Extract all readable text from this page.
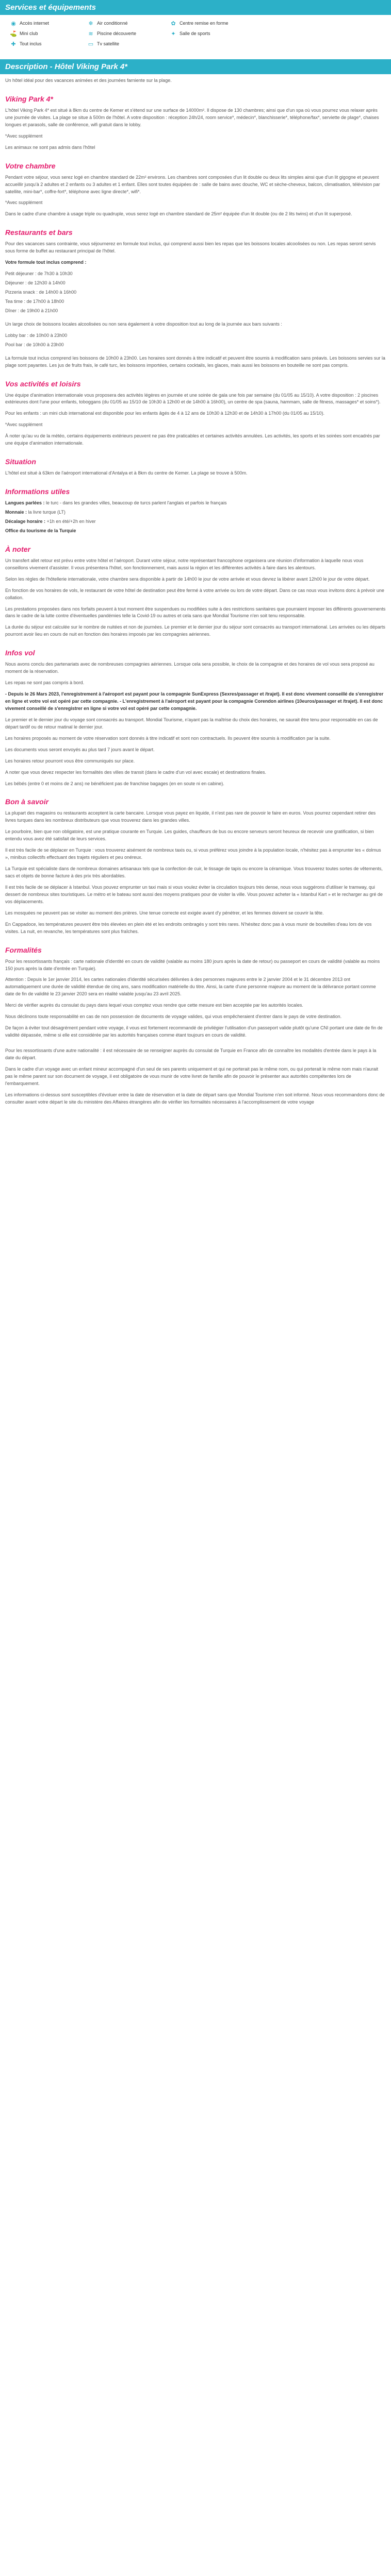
Services et équipements
◉ Accès internet	❄ Air conditionné	✿ Centre remise en forme
⛳ Mini club	≋ Piscine découverte	✦ Salle de sports
✚ Tout inclus	▭ Tv satellite
Description - Hôtel Viking Park 4*

Un hôtel idéal pour des vacances animées et des journées farniente sur la plage.

Viking Park 4*

L'hôtel Viking Park 4* est situé à 8km du centre de Kemer et s'étend sur une surface de 14000m². Il dispose de 130 chambres; ainsi que d'un spa où vous pourrez vous relaxer après une journée de visites. La plage se situe à 500m de l'hôtel. A votre disposition : réception 24h/24, room service*, médecin*, blanchisserie*, téléphone/fax*, serviette de plage*, chaises longues et parasols, salle de conférence, wifi gratuit dans le lobby.

*Avec supplément

Les animaux ne sont pas admis dans l'hôtel

Votre chambre

Pendant votre séjour, vous serez logé en chambre standard de 22m² environs. Les chambres sont composées d'un lit double ou deux lits simples ainsi que d'un lit gigogne et peuvent accueillir jusqu'à 2 adultes et 2 enfants ou 3 adultes et 1 enfant. Elles sont toutes équipées de : salle de bains avec douche, WC et sèche-cheveux, balcon, climatisation, télévision par satellite, mini-bar*, coffre-fort*, téléphone avec ligne directe*, wifi*.

*Avec supplément

Dans le cadre d'une chambre à usage triple ou quadruple, vous serez logé en chambre standard de 25m² équipée d'un lit double (ou de 2 lits twins) et d'un lit superposé.

Restaurants et bars

Pour des vacances sans contrainte, vous séjournerez en formule tout inclus, qui comprend aussi bien les repas que les boissons locales alcoolisées ou non. Les repas seront servis sous forme de buffet au restaurant principal de l'hôtel.

Votre formule tout inclus comprend :

Petit déjeuner : de 7h30 à 10h30

Déjeuner : de 12h30 à 14h00

Pizzeria snack : de 14h00 à 16h00

Tea time : de 17h00 à 18h00

Dîner : de 19h00 à 21h00

Un large choix de boissons locales alcoolisées ou non sera également à votre disposition tout au long de la journée aux bars suivants :

Lobby bar : de 10h00 à 23h00

Pool bar : de 10h00 à 23h00

La formule tout inclus comprend les boissons de 10h00 à 23h00. Les horaires sont donnés à titre indicatif et peuvent être soumis à modification sans préavis. Les boissons servies sur la plage sont payantes. Les jus de fruits frais, le café turc, les boissons importées, certains cocktails, les glaces, mais aussi les boissons en bouteille ne sont pas compris.

Vos activités et loisirs

Une équipe d'animation internationale vous proposera des activités légères en journée et une soirée de gala une fois par semaine (du 01/05 au 15/10). A votre disposition : 2 piscines extérieures dont l'une pour enfants, toboggans (du 01/05 au 15/10 de 10h30 à 12h00 et de 14h00 à 16h00), un centre de spa (sauna, hammam, salle de fitness, massages* et soins*).

Pour les enfants : un mini club international est disponible pour les enfants âgés de 4 à 12 ans de 10h30 à 12h30 et de 14h30 à 17h00 (du 01/05 au 15/10).

*Avec supplément

À noter qu'au vu de la météo, certains équipements extérieurs peuvent ne pas être praticables et certaines activités annulées. Les activités, les sports et les soirées sont encadrés par une équipe d'animation internationale.

Situation

L'hôtel est situé à 63km de l'aéroport international d'Antalya et à 8km du centre de Kemer. La plage se trouve à 500m.

Informations utiles

Langues parlées : le turc - dans les grandes villes, beaucoup de turcs parlent l'anglais et parfois le français

Monnaie : la livre turque (LT)

Décalage horaire : +1h en été/+2h en hiver

Office du tourisme de la Turquie

À noter

Un transfert allet retour est prévu entre votre hôtel et l'aéroport. Durant votre séjour, notre représentant francophone organisera une réunion d'information à laquelle nous vous conseillons vivement d'assister. Il vous présentera l'hôtel, son fonctionnement, mais aussi la région et les différentes activités à faire dans les alentours.

Selon les règles de l'hôtellerie internationale, votre chambre sera disponible à partir de 14h00 le jour de votre arrivée et vous devrez la libérer avant 12h00 le jour de votre départ.

En fonction de vos horaires de vols, le restaurant de votre hôtel de destination peut être fermé à votre arrivée ou lors de votre départ. Dans ce cas nous vous invitons donc à prévoir une collation.

Les prestations proposées dans nos forfaits peuvent à tout moment être suspendues ou modifiées suite à des restrictions sanitaires que pourraient imposer les différents gouvernements dans le cadre de la lutte contre d'éventuelles pandémies telle la Covid-19 ou autres et cela sans que Mondial Tourisme n'en soit tenu responsable.

La durée du séjour est calculée sur le nombre de nuitées et non de journées. Le premier et le dernier jour du séjour sont consacrés au transport international. Les arrivées ou les départs pourront avoir lieu en cours de nuit en fonction des horaires imposés par les compagnies aériennes.

Infos vol

Nous avons conclu des partenariats avec de nombreuses compagnies aériennes. Lorsque cela sera possible, le choix de la compagnie et des horaires de vol vous sera proposé au moment de la réservation.

Les repas ne sont pas compris à bord.

- Depuis le 26 Mars 2023, l'enregistrement à l'aéroport est payant pour la compagnie SunExpress (Sexres/passager et /trajet). Il est donc vivement conseillé de s'enregistrer en ligne et votre vol est opéré par cette compagnie. - L'enregistrement à l'aéroport est payant pour la compagnie Corendon airlines (10euros/passager et /trajet). Il est donc vivement conseillé de s'enregistrer en ligne si votre vol est opéré par cette compagnie.

Le premier et le dernier jour du voyage sont consacrés au transport. Mondial Tourisme, n'ayant pas la maîtrise du choix des horaires, ne saurait être tenu pour responsable en cas de départ tardif ou de retour matinal le dernier jour.

Les horaires proposés au moment de votre réservation sont donnés à titre indicatif et sont non contractuels. Ils peuvent être soumis à modification par la suite.

Les documents vous seront envoyés au plus tard 7 jours avant le départ.

Les horaires retour pourront vous être communiqués sur place.

A noter que vous devez respecter les formalités des villes de transit (dans le cadre d'un vol avec escale) et destinations finales.

Les bébés (entre 0 et moins de 2 ans) ne bénéficient pas de franchise bagages (en en soute ni en cabine).

Bon à savoir

La plupart des magasins ou restaurants acceptent la carte bancaire. Lorsque vous payez en liquide, il n'est pas rare de pouvoir le faire en euros. Vous pourrez cependant retirer des livres turques dans les nombreux distributeurs que vous trouverez dans les grandes villes.

Le pourboire, bien que non obligatoire, est une pratique courante en Turquie. Les guides, chauffeurs de bus ou encore serveurs seront heureux de recevoir une gratification, si bien entendu vous avez été satisfait de leurs services.

Il est très facile de se déplacer en Turquie : vous trouverez aisément de nombreux taxis ou, si vous préférez vous joindre à la population locale, n'hésitez pas à emprunter les « dolmus », minibus collectifs effectuant des trajets réguliers et peu onéreux.

La Turquie est spécialiste dans de nombreux domaines artisanaux tels que la confection de cuir, le tissage de tapis ou encore la céramique. Vous trouverez toutes sortes de vêtements, sacs et objets de bonne facture à des prix très abordables.

Il est très facile de se déplacer à Istanbul. Vous pouvez emprunter un taxi mais si vous voulez éviter la circulation toujours très dense, nous vous suggérons d'utiliser le tramway, qui dessert de nombreux sites touristiques. Le métro et le bateau sont aussi des moyens pratiques pour de visiter la ville. Vous pouvez acheter la « Istanbul Kart » et le recharger au gré de vos déplacements.

Les mosquées ne peuvent pas se visiter au moment des prières. Une tenue correcte est exigée avant d'y pénétrer, et les femmes doivent se couvrir la tête.

En Cappadoce, les températures peuvent être très élevées en plein été et les endroits ombragés y sont très rares. N'hésitez donc pas à vous munir de bouteilles d'eau lors de vos visites. La nuit, en revanche, les températures sont plus fraîches.

Formalités

Pour les ressortissants français : carte nationale d'identité en cours de validité (valable au moins 180 jours après la date de retour) ou passeport en cours de validité (valable au moins 150 jours après la date d'entrée en Turquie).

Attention : Depuis le 1er janvier 2014, les cartes nationales d'identité sécurisées délivrées à des personnes majeures entre le 2 janvier 2004 et le 31 décembre 2013 ont automatiquement une durée de validité étendue de cinq ans, sans modification matérielle du titre. Ainsi, la carte d'une personne majeure au moment de la délivrance portant comme date de fin de validité le 23 janvier 2020 sera en réalité valable jusqu'au 23 avril 2025.

Merci de vérifier auprès du consulat du pays dans lequel vous comptez vous rendre que cette mesure est bien acceptée par les autorités locales.

Nous déclinons toute responsabilité en cas de non possession de documents de voyage valides, qui vous empêcheraient d'entrer dans le pays de votre destination.

De façon à éviter tout désagrément pendant votre voyage, il vous est fortement recommandé de privilégier l'utilisation d'un passeport valide plutôt qu'une CNI portant une date de fin de validité dépassée, même si elle est considérée par les autorités françaises comme étant toujours en cours de validité.

Pour les ressortissants d'une autre nationalité : il est nécessaire de se renseigner auprès du consulat de Turquie en France afin de connaître les modalités d'entrée dans le pays à la date du départ.

Dans le cadre d'un voyage avec un enfant mineur accompagné d'un seul de ses parents uniquement et qui ne porterait pas le même nom, ou qui porterait le même nom mais n'aurait pas le même parent sur son document de voyage, il est obligatoire de vous munir de votre livret de famille afin de pouvoir le présenter aux autorités compétentes lors de l'embarquement.

Les informations ci-dessus sont susceptibles d'évoluer entre la date de réservation et la date de départ sans que Mondial Tourisme n'en soit informé. Nous vous recommandons donc de consulter avant votre départ le site du ministère des Affaires étrangères afin de vérifier les formalités nécessaires à l'accomplissement de votre voyage
